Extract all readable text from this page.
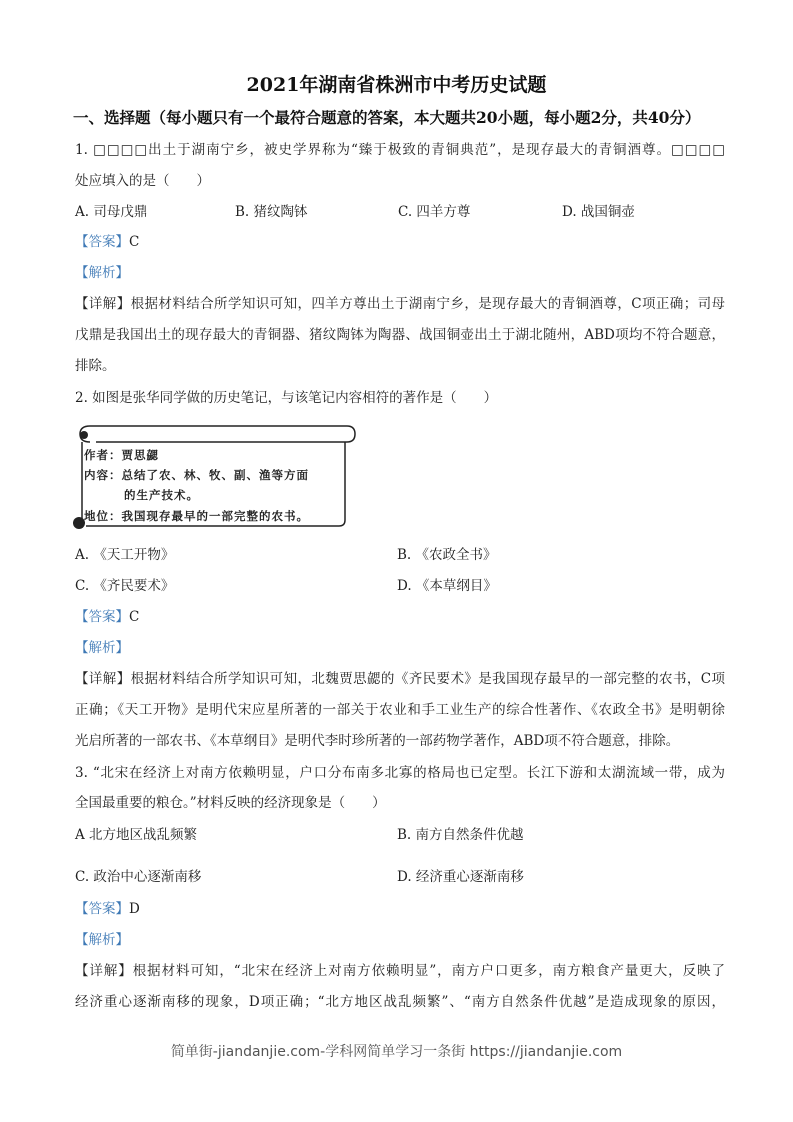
2021年湖南省株洲市中考历史试题
一、选择题（每小题只有一个最符合题意的答案，本大题共20小题，每小题2分，共40分）
1. □□□□出土于湖南宁乡，被史学界称为“臻于极致的青铜典范”，是现存最大的青铜酒尊。□□□□
处应填入的是（　　）
A. 司母戊鼎	B. 猪纹陶钵	C. 四羊方尊	D. 战国铜壶
【答案】C
【解析】
【详解】根据材料结合所学知识可知，四羊方尊出土于湖南宁乡，是现存最大的青铜酒尊，C项正确；司母
戊鼎是我国出土的现存最大的青铜器、猪纹陶钵为陶器、战国铜壶出土于湖北随州，ABD项均不符合题意，
排除。
2. 如图是张华同学做的历史笔记，与该笔记内容相符的著作是（　　）
作者：贾思勰
内容：总结了农、林、牧、副、渔等方面
的生产技术。
地位：我国现存最早的一部完整的农书。
A. 《天工开物》	B. 《农政全书》
C. 《齐民要术》	D. 《本草纲目》
【答案】C
【解析】
【详解】根据材料结合所学知识可知，北魏贾思勰的《齐民要术》是我国现存最早的一部完整的农书，C项
正确；《天工开物》是明代宋应星所著的一部关于农业和手工业生产的综合性著作、《农政全书》是明朝徐
光启所著的一部农书、《本草纲目》是明代李时珍所著的一部药物学著作，ABD项不符合题意，排除。
3. “北宋在经济上对南方依赖明显，户口分布南多北寡的格局也已定型。长江下游和太湖流域一带，成为
全国最重要的粮仓。”材料反映的经济现象是（　　）
A 北方地区战乱频繁	B. 南方自然条件优越
C. 政治中心逐渐南移	D. 经济重心逐渐南移
【答案】D
【解析】
【详解】根据材料可知，“北宋在经济上对南方依赖明显”，南方户口更多，南方粮食产量更大，反映了
经济重心逐渐南移的现象，D项正确；“北方地区战乱频繁”、“南方自然条件优越”是造成现象的原因，
简单街-jiandanjie.com-学科网简单学习一条街 https://jiandanjie.com
